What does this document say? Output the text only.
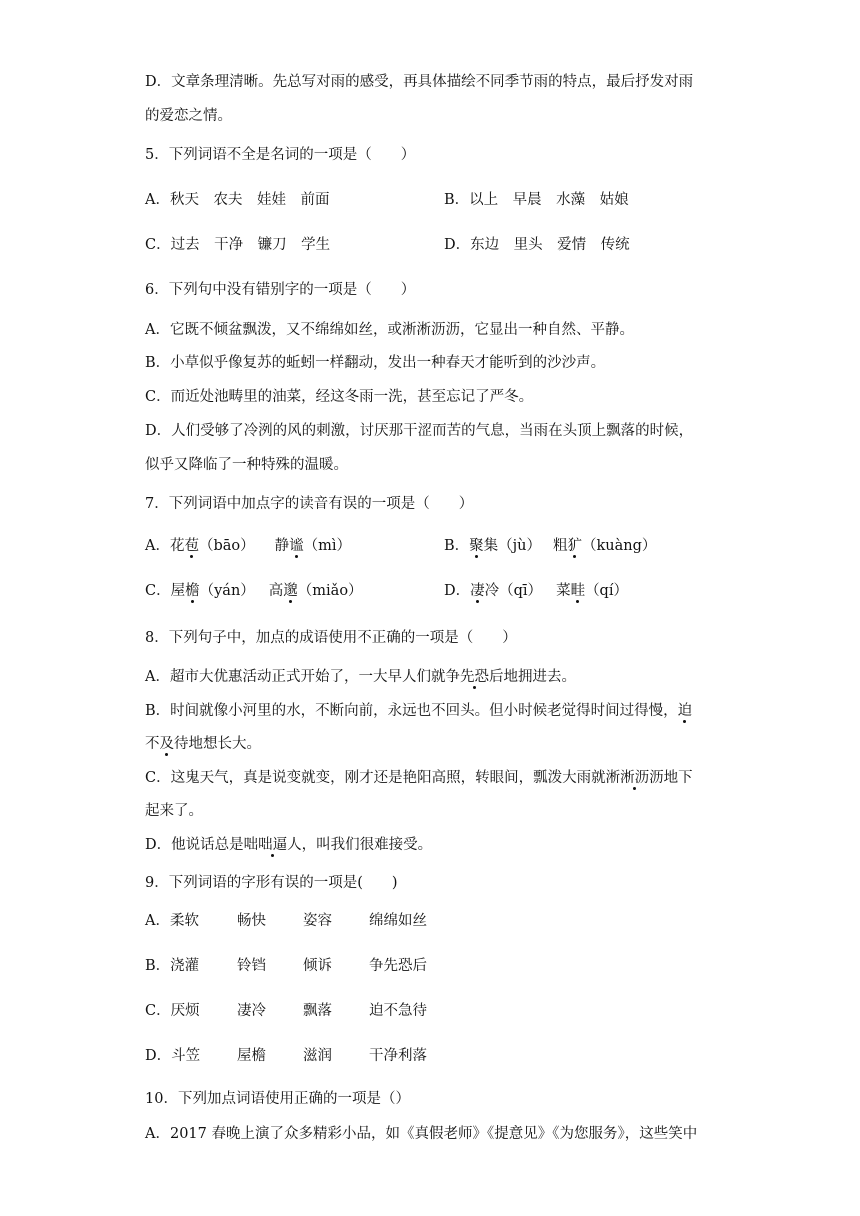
D．文章条理清晰。先总写对雨的感受，再具体描绘不同季节雨的特点，最后抒发对雨
的爱恋之情。
5．下列词语不全是名词的一项是（　　）
A．秋天　农夫　娃娃　前面	B．以上　早晨　水藻　姑娘
C．过去　干净　镰刀　学生	D．东边　里头　爱情　传统
6．下列句中没有错别字的一项是（　　）
A．它既不倾盆飘泼，又不绵绵如丝，或淅淅沥沥，它显出一种自然、平静。
B．小草似乎像复苏的蚯蚓一样翻动，发出一种春天才能听到的沙沙声。
C．而近处池畴里的油菜，经这冬雨一洗，甚至忘记了严冬。
D．人们受够了冷洌的风的刺激，讨厌那干涩而苦的气息，当雨在头顶上飘落的时候，
似乎又降临了一种特殊的温暖。
7．下列词语中加点字的读音有误的一项是（　　）
A．花苞（bāo） 静谧（mì）	B．聚集（jù） 粗犷（kuàng）
C．屋檐（yán） 高邈（miǎo）	D．凄冷（qī） 菜畦（qí）
8．下列句子中，加点的成语使用不正确的一项是（　　）
A．超市大优惠活动正式开始了，一大早人们就争先恐后地拥进去。
B．时间就像小河里的水，不断向前，永远也不回头。但小时候老觉得时间过得慢，迫
不及待地想长大。
C．这鬼天气，真是说变就变，刚才还是艳阳高照，转眼间，瓢泼大雨就淅淅沥沥地下
起来了。
D．他说话总是咄咄逼人，叫我们很难接受。
9．下列词语的字形有误的一项是(　　)
A．柔软	畅快	姿容	绵绵如丝
B．浇灌	铃铛	倾诉	争先恐后
C．厌烦	凄冷	飘落	迫不急待
D．斗笠	屋檐	滋润	干净利落
10．下列加点词语使用正确的一项是（）
A．2017 春晚上演了众多精彩小品，如《真假老师》《提意见》《为您服务》，这些笑中
